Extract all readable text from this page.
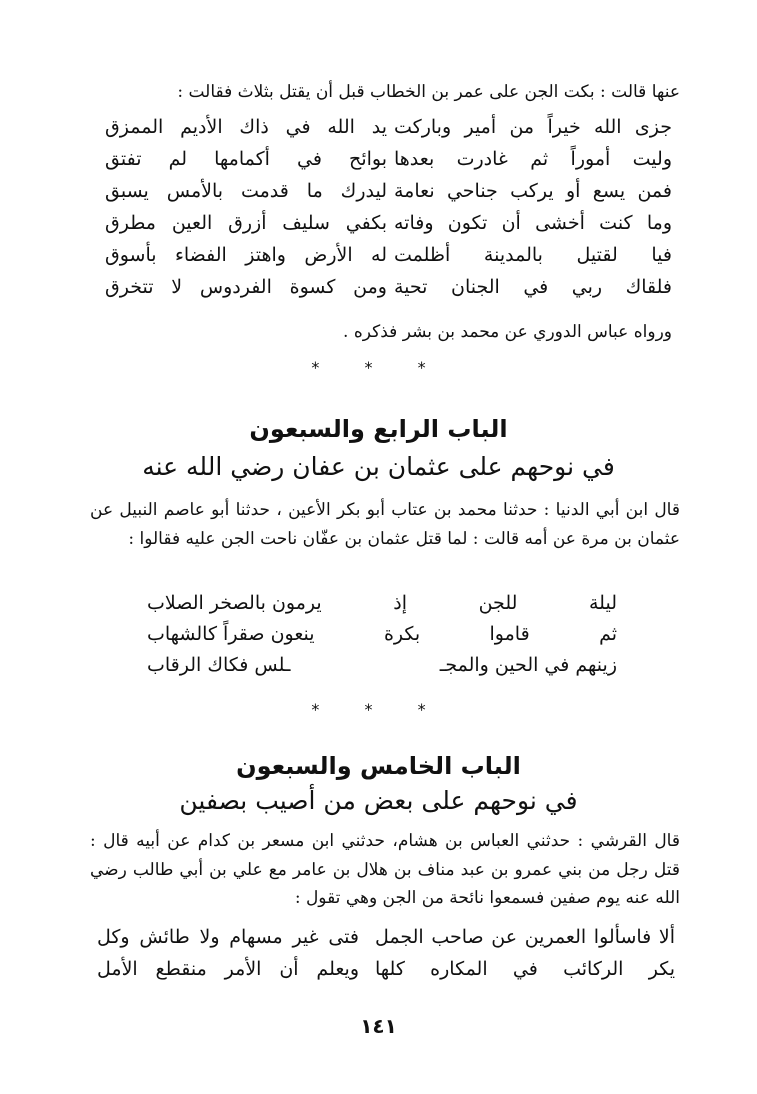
عنها قالت : بكت الجن على عمر بن الخطاب قبل أن يقتل بثلاث فقالت :
جزى الله خيراً من أمير وباركت
يد الله في ذاك الأديم الممزق
وليت أموراً ثم غادرت بعدها
بوائح في أكمامها لم تفتق
فمن يسع أو يركب جناحي نعامة
ليدرك ما قدمت بالأمس يسبق
وما كنت أخشى أن تكون وفاته
بكفي سليف أزرق العين مطرق
فيا لقتيل بالمدينة أظلمت
له الأرض واهتز الفضاء بأسوق
فلقاك ربي في الجنان تحية
ومن كسوة الفردوس لا تتخرق
ورواه عباس الدوري عن محمد بن بشر فذكره .
* * *
الباب الرابع والسبعون
في نوحهم على عثمان بن عفان رضي الله عنه
قال ابن أبي الدنيا : حدثنا محمد بن عتاب أبو بكر الأعين ، حدثنا أبو عاصم النبيل عن عثمان بن مرة عن أمه قالت : لما قتل عثمان بن عفّان ناحت الجن عليه فقالوا :
ليلة
للجن
إذ
يرمون بالصخر الصلاب
ثم
قاموا
بكرة
ينعون صقراً كالشهاب
زينهم في الحين والمجـ
ـلس فكاك الرقاب
* * *
الباب الخامس والسبعون
في نوحهم على بعض من أصيب بصفين
قال القرشي : حدثني العباس بن هشام، حدثني ابن مسعر بن كدام عن أبيه قال : قتل رجل من بني عمرو بن عبد مناف بن هلال بن عامر مع علي بن أبي طالب رضي الله عنه يوم صفين فسمعوا نائحة من الجن وهي تقول :
ألا فاسألوا العمرين عن صاحب الجمل
فتى غير مسهام ولا طائش وكل
يكر الركائب في المكاره كلها
ويعلم أن الأمر منقطع الأمل
١٤١
